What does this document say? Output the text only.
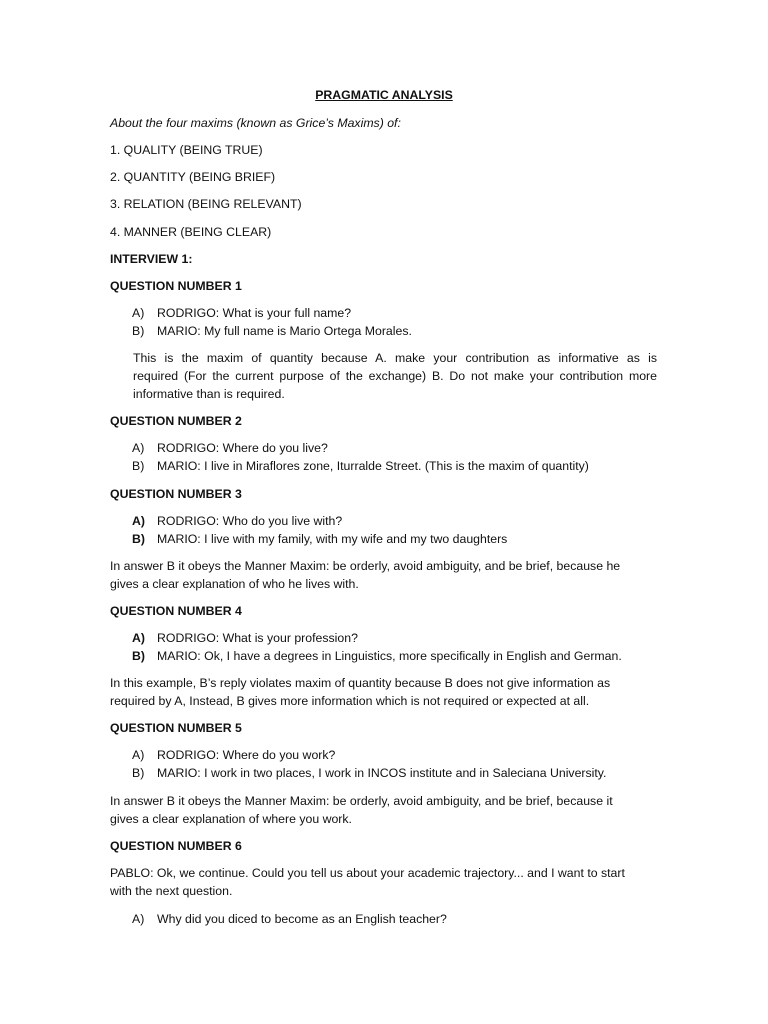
PRAGMATIC ANALYSIS
About the four maxims (known as Grice’s Maxims) of:
1. QUALITY (BEING TRUE)
2. QUANTITY (BEING BRIEF)
3. RELATION (BEING RELEVANT)
4. MANNER (BEING CLEAR)
INTERVIEW 1:
QUESTION NUMBER 1
A) RODRIGO: What is your full name?
B) MARIO: My full name is Mario Ortega Morales.
This is the maxim of quantity because A. make your contribution as informative as is
required (For the current purpose of the exchange) B. Do not make your contribution more
informative than is required.
QUESTION NUMBER 2
A) RODRIGO: Where do you live?
B) MARIO: I live in Miraflores zone, Iturralde Street. (This is the maxim of quantity)
QUESTION NUMBER 3
A) RODRIGO: Who do you live with?
B) MARIO: I live with my family, with my wife and my two daughters
In answer B it obeys the Manner Maxim: be orderly, avoid ambiguity, and be brief, because he
gives a clear explanation of who he lives with.
QUESTION NUMBER 4
A) RODRIGO: What is your profession?
B) MARIO: Ok, I have a degrees in Linguistics, more specifically in English and German.
In this example, B’s reply violates maxim of quantity because B does not give information as
required by A, Instead, B gives more information which is not required or expected at all.
QUESTION NUMBER 5
A) RODRIGO: Where do you work?
B) MARIO: I work in two places, I work in INCOS institute and in Saleciana University.
In answer B it obeys the Manner Maxim: be orderly, avoid ambiguity, and be brief, because it
gives a clear explanation of where you work.
QUESTION NUMBER 6
PABLO: Ok, we continue. Could you tell us about your academic trajectory... and I want to start
with the next question.
A) Why did you diced to become as an English teacher?
